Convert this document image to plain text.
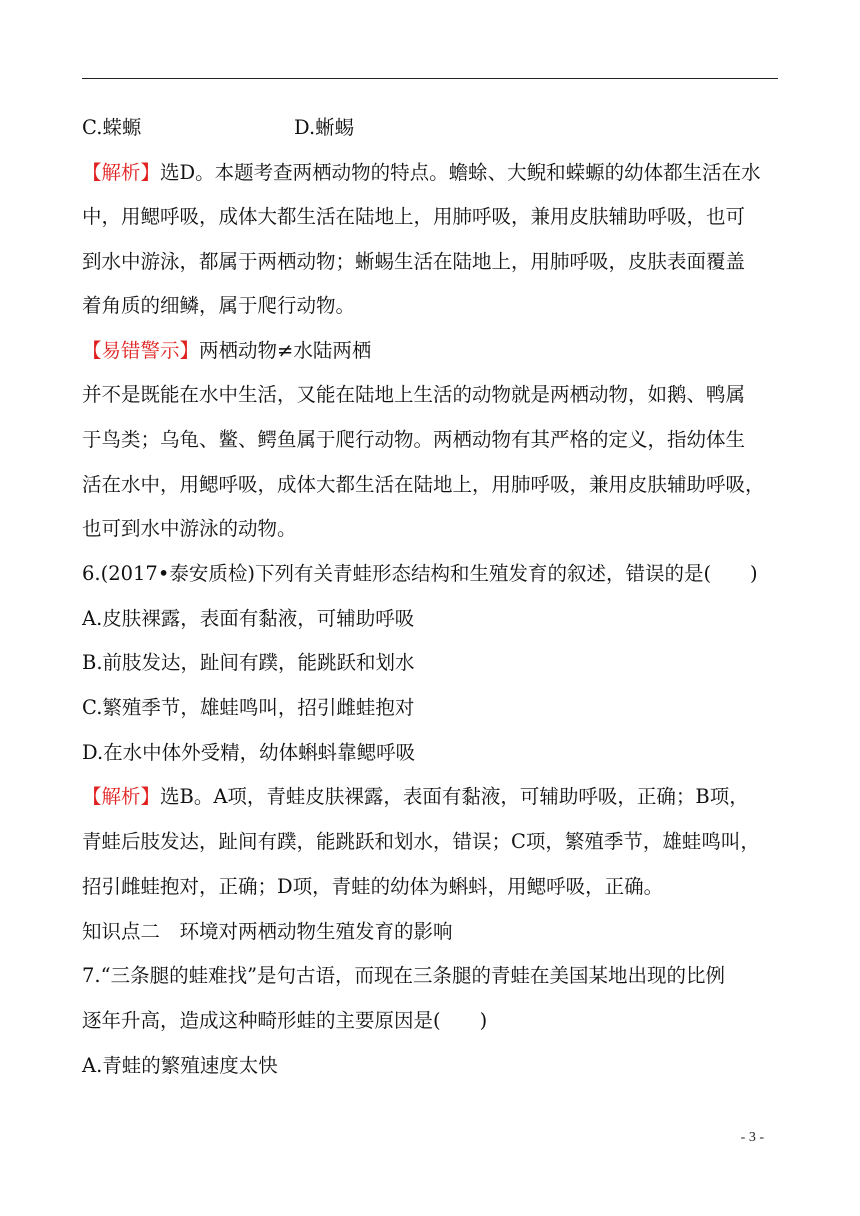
C.蝾螈	D.蜥蜴
【解析】选D。本题考查两栖动物的特点。蟾蜍、大鲵和蝾螈的幼体都生活在水
中，用鳃呼吸，成体大都生活在陆地上，用肺呼吸，兼用皮肤辅助呼吸，也可
到水中游泳，都属于两栖动物；蜥蜴生活在陆地上，用肺呼吸，皮肤表面覆盖
着角质的细鳞，属于爬行动物。
【易错警示】两栖动物≠水陆两栖
并不是既能在水中生活，又能在陆地上生活的动物就是两栖动物，如鹅、鸭属
于鸟类；乌龟、鳖、鳄鱼属于爬行动物。两栖动物有其严格的定义，指幼体生
活在水中，用鳃呼吸，成体大都生活在陆地上，用肺呼吸，兼用皮肤辅助呼吸，
也可到水中游泳的动物。
6.(2017•泰安质检)下列有关青蛙形态结构和生殖发育的叙述，错误的是(　　)
A.皮肤裸露，表面有黏液，可辅助呼吸
B.前肢发达，趾间有蹼，能跳跃和划水
C.繁殖季节，雄蛙鸣叫，招引雌蛙抱对
D.在水中体外受精，幼体蝌蚪靠鳃呼吸
【解析】选B。A项，青蛙皮肤裸露，表面有黏液，可辅助呼吸，正确；B项，
青蛙后肢发达，趾间有蹼，能跳跃和划水，错误；C项，繁殖季节，雄蛙鸣叫，
招引雌蛙抱对，正确；D项，青蛙的幼体为蝌蚪，用鳃呼吸，正确。
知识点二　环境对两栖动物生殖发育的影响
7.“三条腿的蛙难找”是句古语，而现在三条腿的青蛙在美国某地出现的比例
逐年升高，造成这种畸形蛙的主要原因是(　　)
A.青蛙的繁殖速度太快
- 3 -
